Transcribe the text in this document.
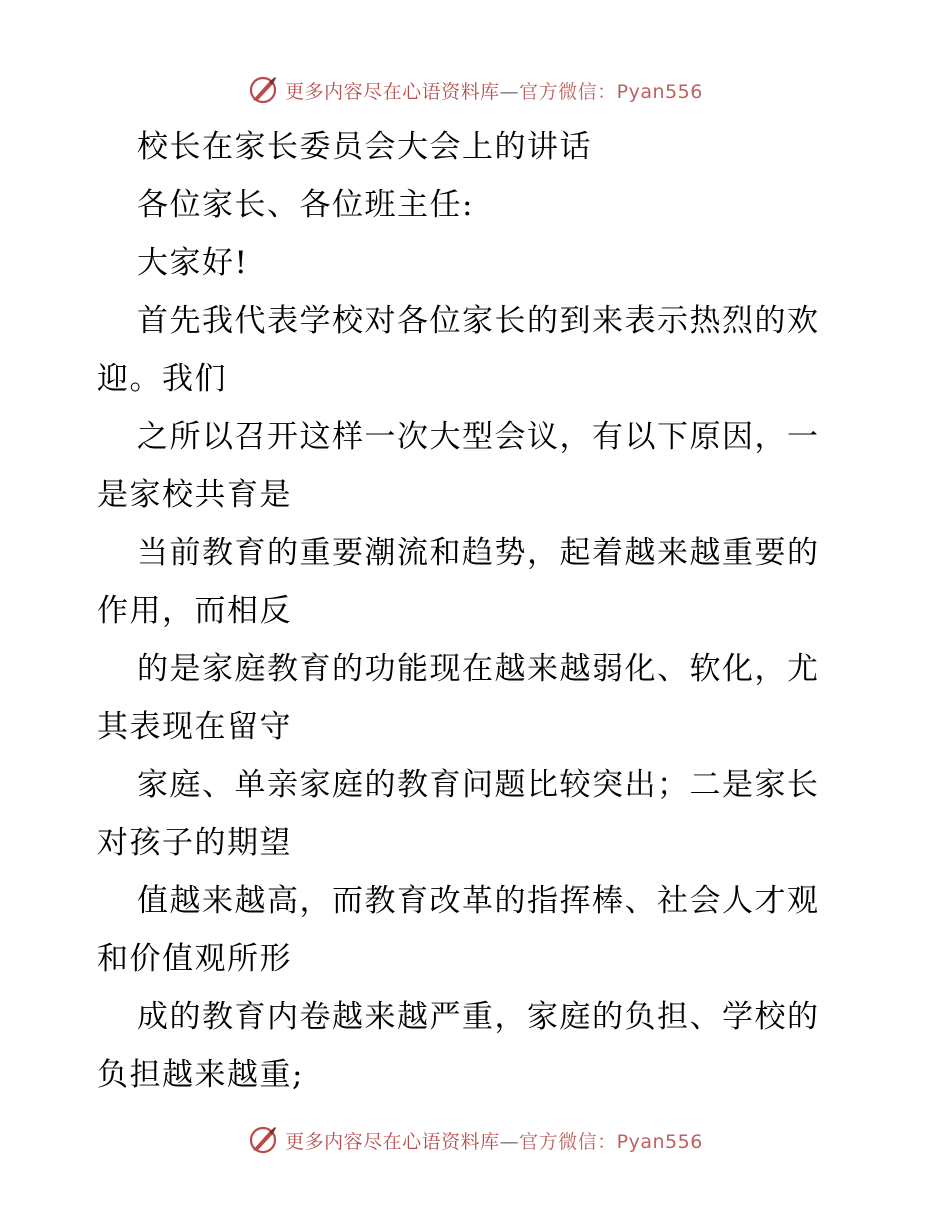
更多内容尽在心语资料库—官方微信：Pyan556
校长在家长委员会大会上的讲话
各位家长、各位班主任:
大家好!
首先我代表学校对各位家长的到来表示热烈的欢
迎。我们
之所以召开这样一次大型会议，有以下原因，一
是家校共育是
当前教育的重要潮流和趋势，起着越来越重要的
作用，而相反
的是家庭教育的功能现在越来越弱化、软化，尤
其表现在留守
家庭、单亲家庭的教育问题比较突出；二是家长
对孩子的期望
值越来越高，而教育改革的指挥棒、社会人才观
和价值观所形
成的教育内卷越来越严重，家庭的负担、学校的
负担越来越重;
更多内容尽在心语资料库—官方微信：Pyan556
